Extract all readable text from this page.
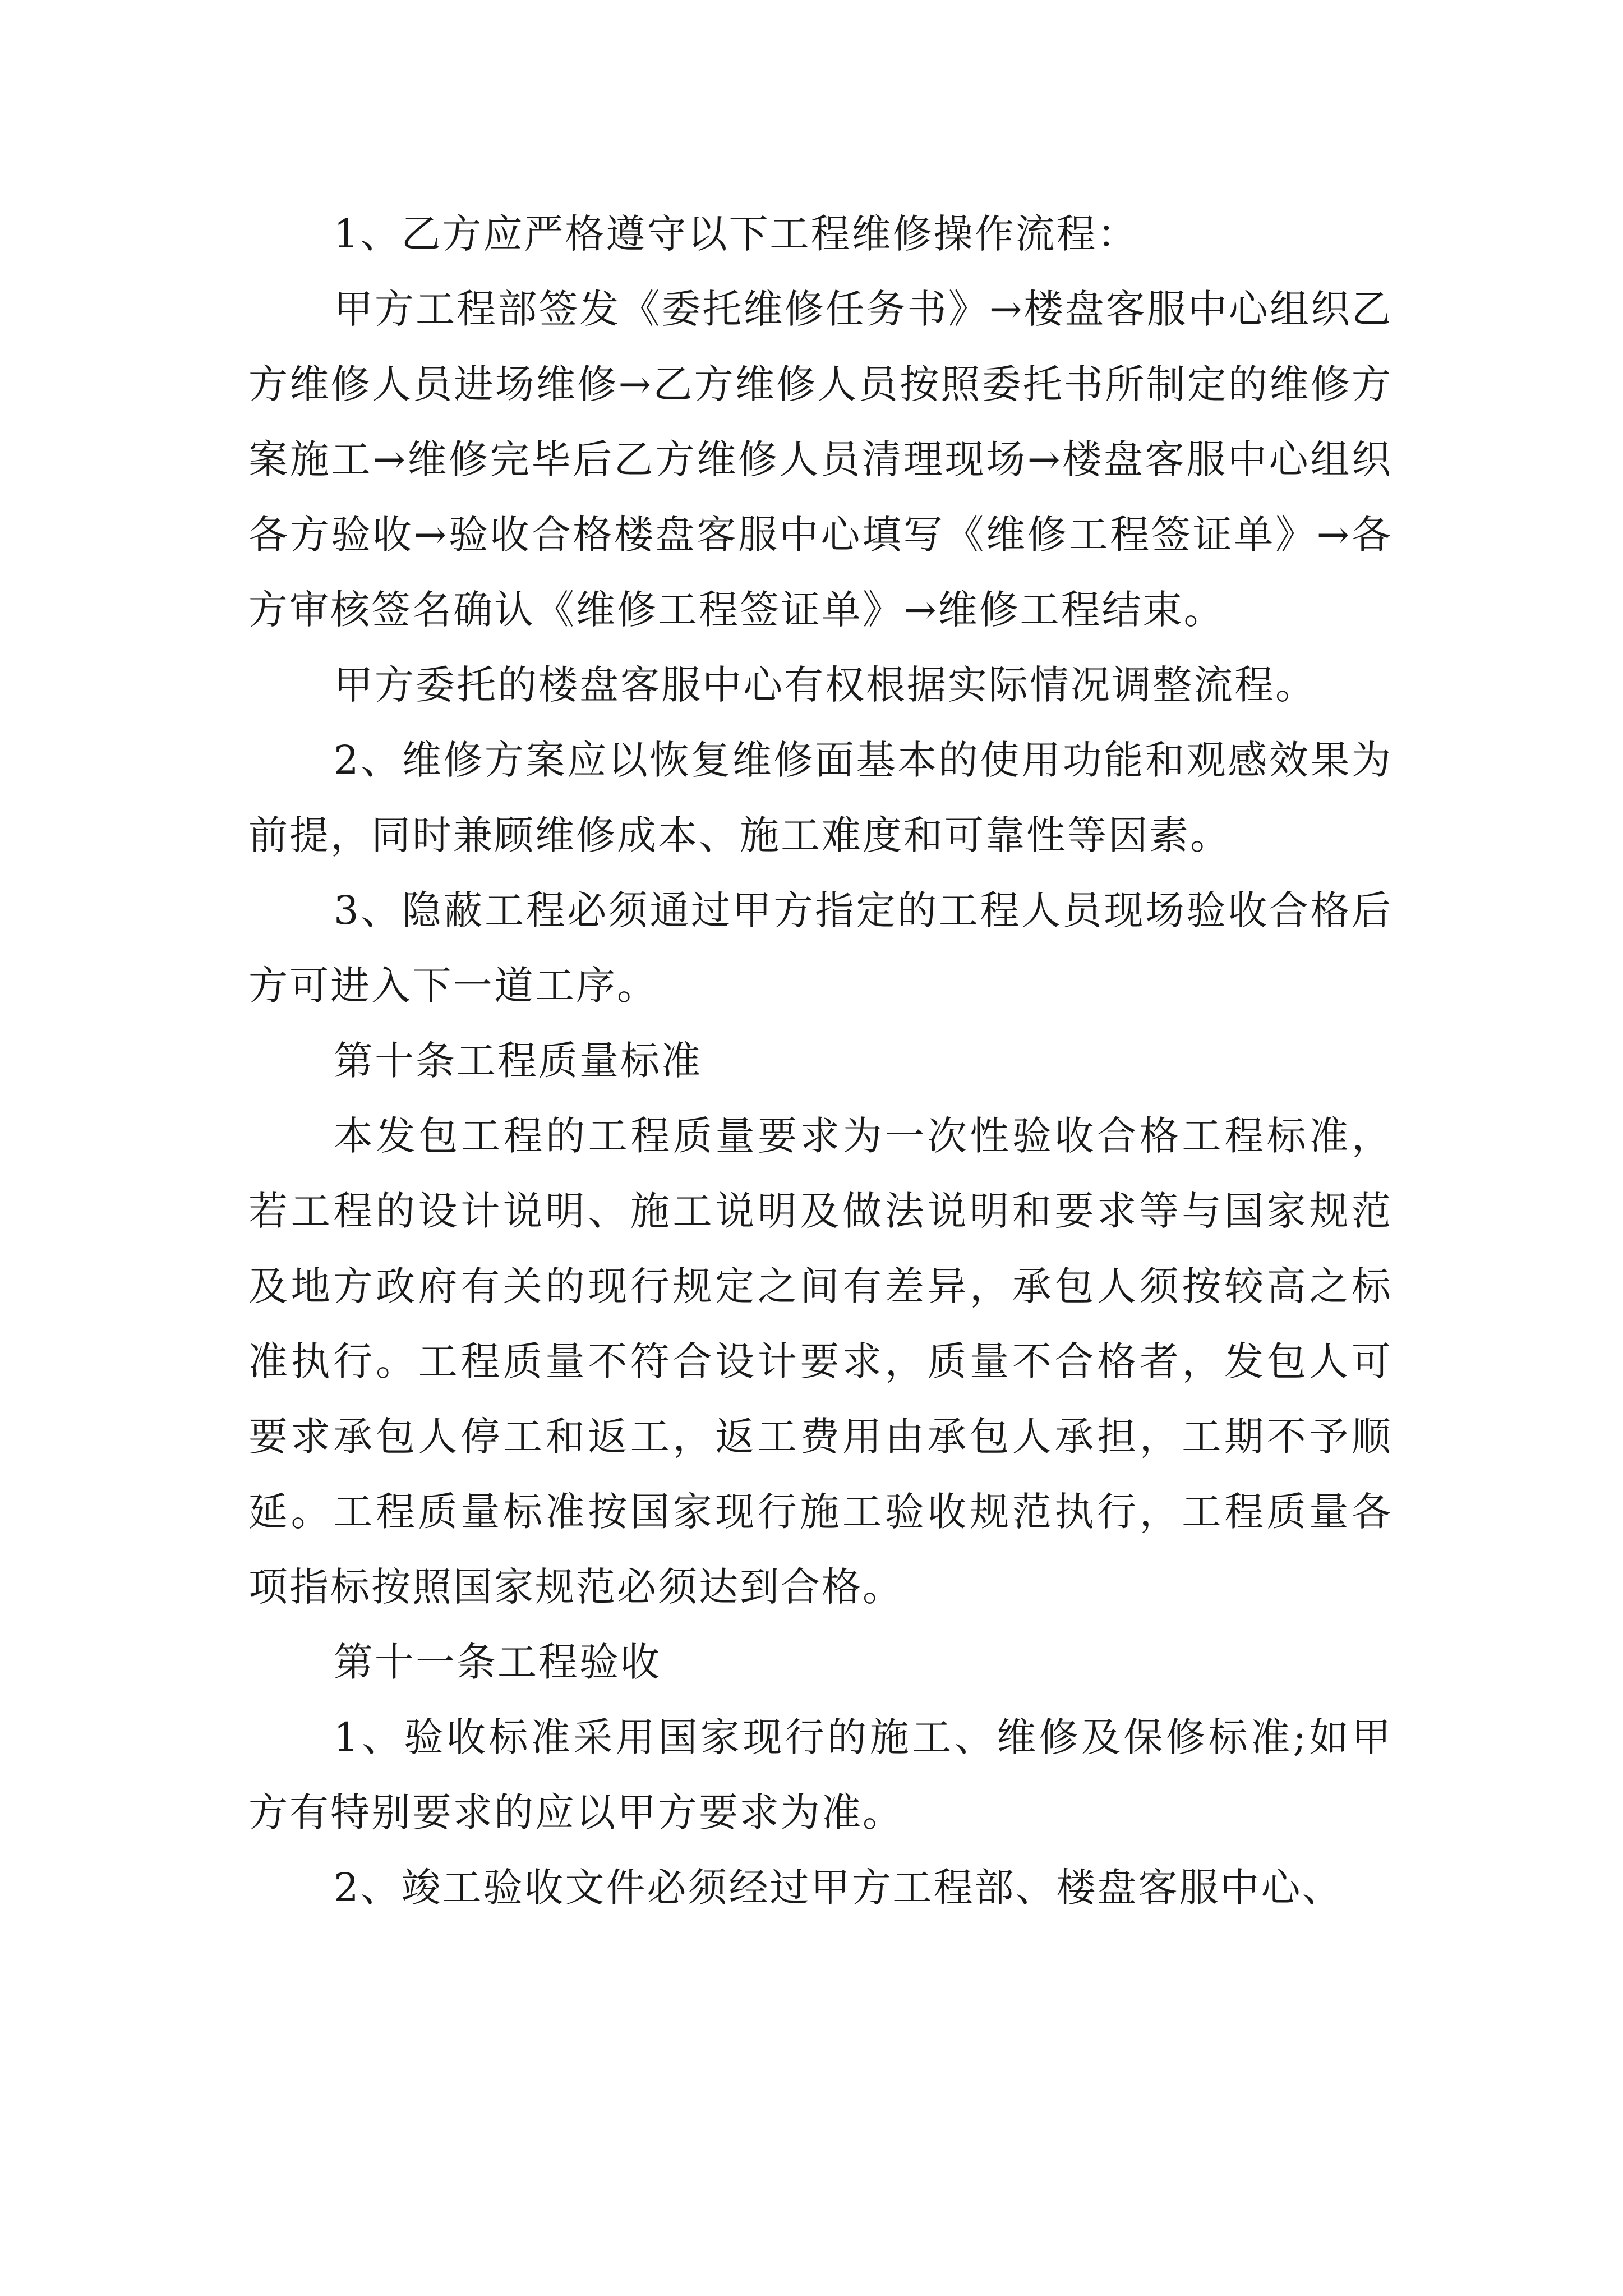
1、乙方应严格遵守以下工程维修操作流程：

甲方工程部签发《委托维修任务书》→楼盘客服中心组织乙方维修人员进场维修→乙方维修人员按照委托书所制定的维修方案施工→维修完毕后乙方维修人员清理现场→楼盘客服中心组织各方验收→验收合格楼盘客服中心填写《维修工程签证单》→各方审核签名确认《维修工程签证单》→维修工程结束。

甲方委托的楼盘客服中心有权根据实际情况调整流程。

2、维修方案应以恢复维修面基本的使用功能和观感效果为前提，同时兼顾维修成本、施工难度和可靠性等因素。

3、隐蔽工程必须通过甲方指定的工程人员现场验收合格后方可进入下一道工序。

第十条工程质量标准

本发包工程的工程质量要求为一次性验收合格工程标准，若工程的设计说明、施工说明及做法说明和要求等与国家规范及地方政府有关的现行规定之间有差异，承包人须按较高之标准执行。工程质量不符合设计要求，质量不合格者，发包人可要求承包人停工和返工，返工费用由承包人承担，工期不予顺延。工程质量标准按国家现行施工验收规范执行，工程质量各项指标按照国家规范必须达到合格。

第十一条工程验收

1、验收标准采用国家现行的施工、维修及保修标准;如甲方有特别要求的应以甲方要求为准。

2、竣工验收文件必须经过甲方工程部、楼盘客服中心、
